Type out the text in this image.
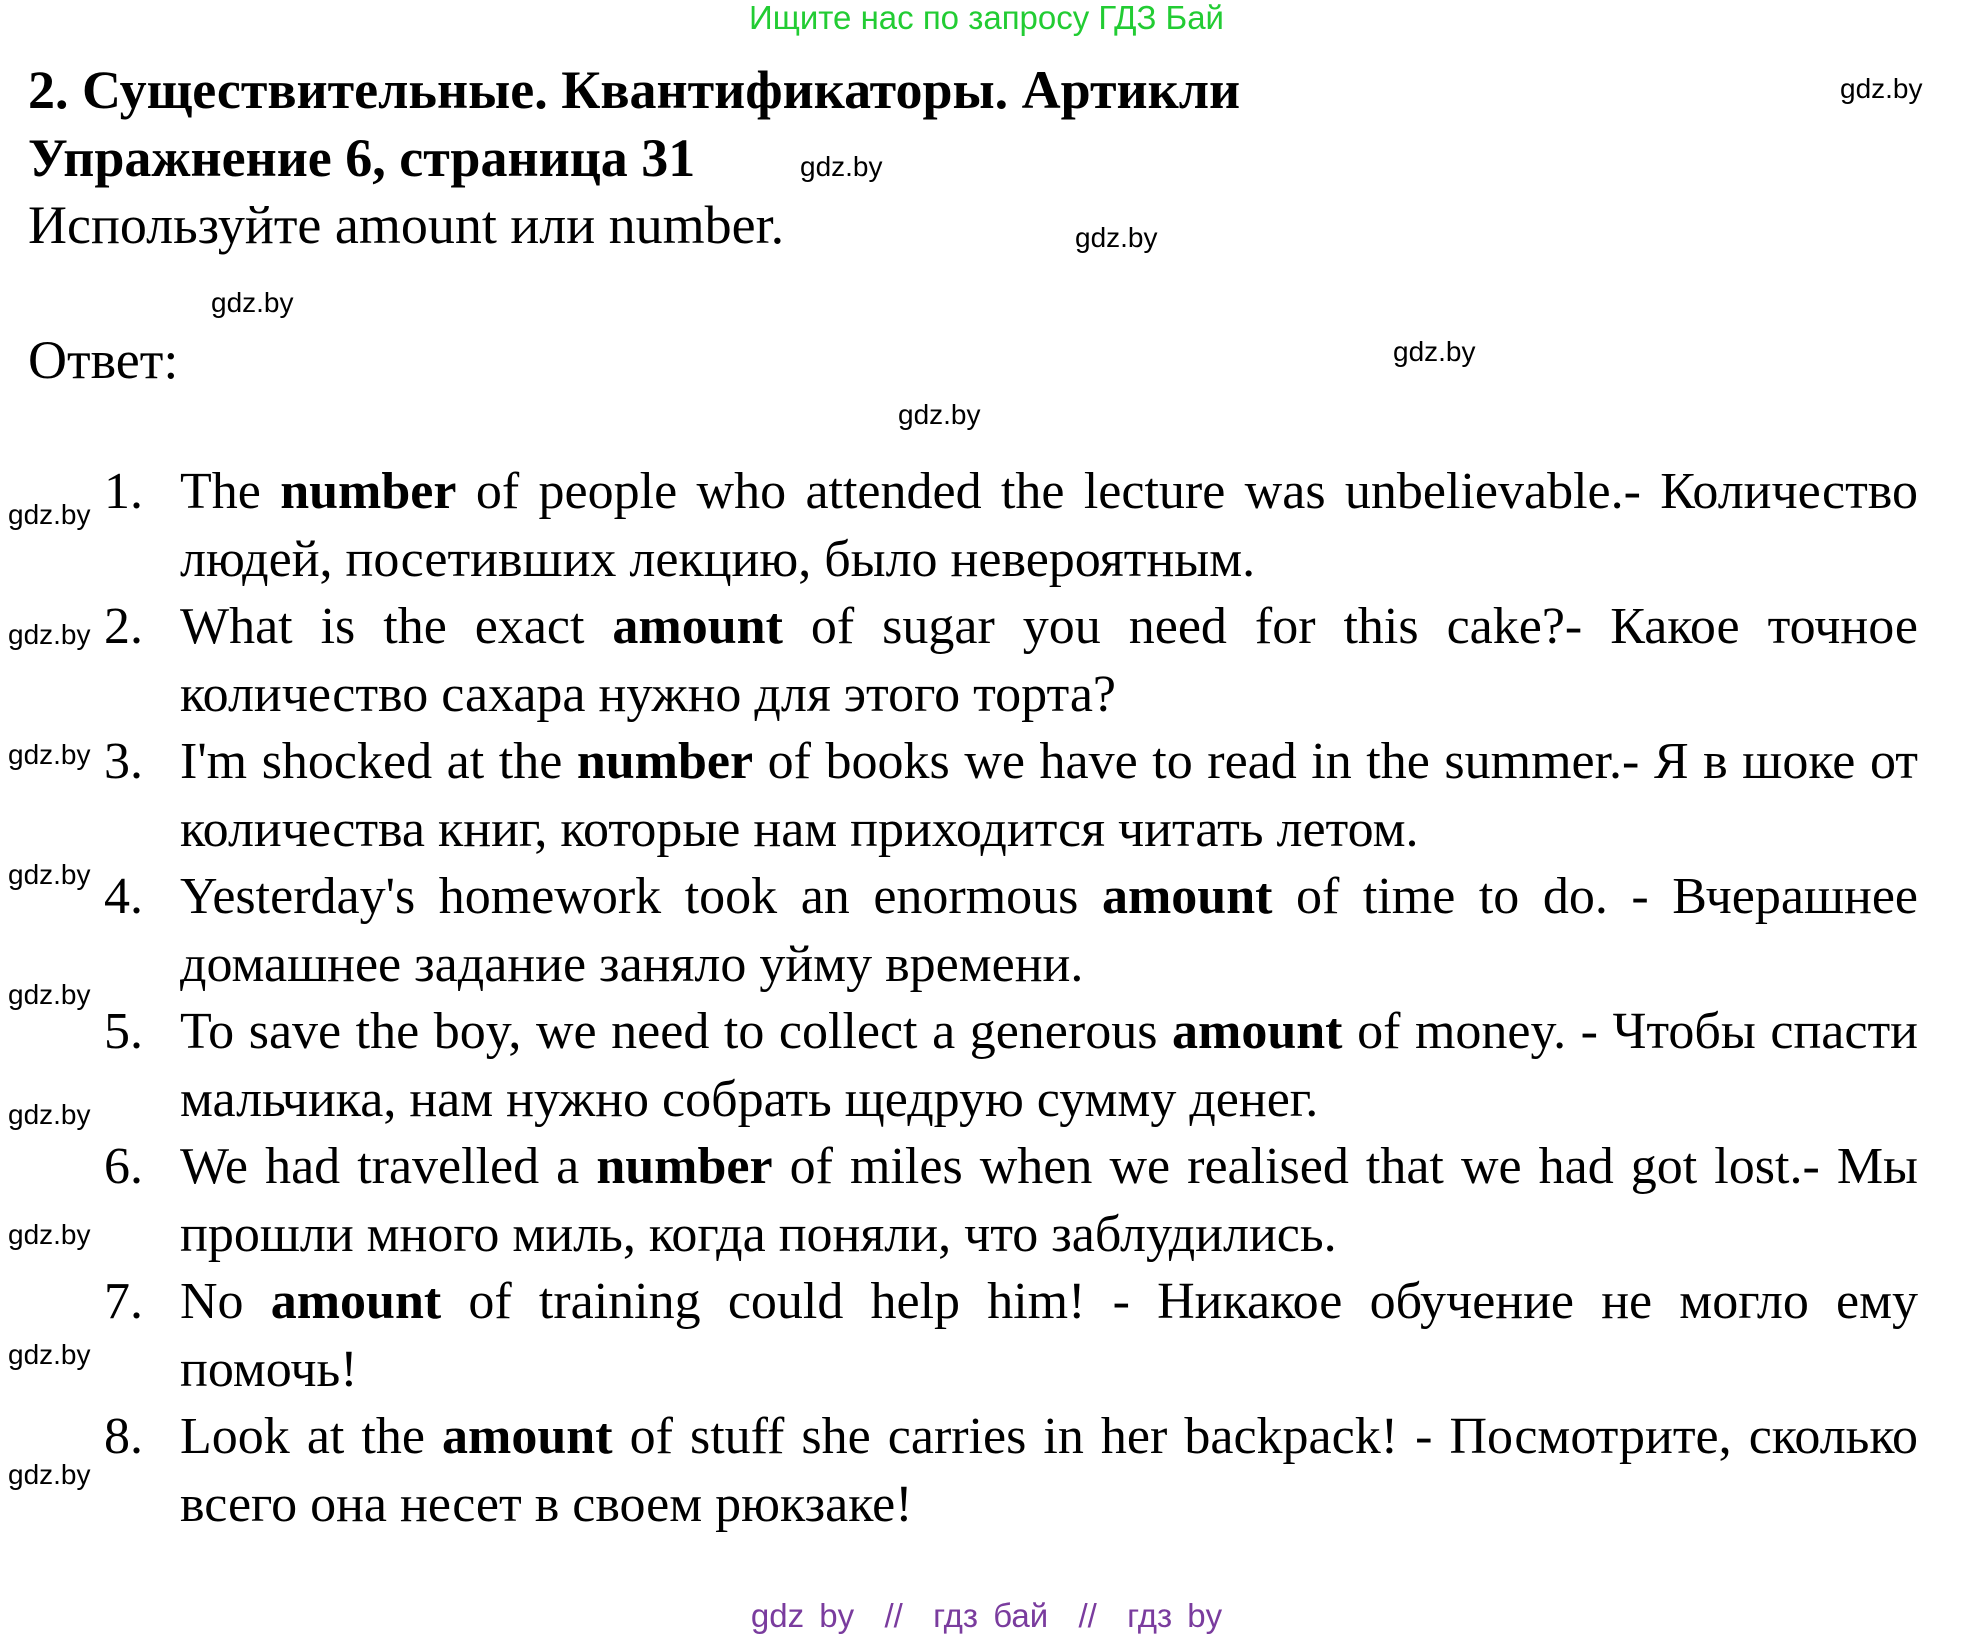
Ищите нас по запросу ГДЗ Бай
2. Существительные. Квантификаторы. Артикли
Упражнение 6, страница 31
Используйте amount или number.
Ответ:
1. The number of people who attended the lecture was unbelievable.- Количество людей, посетивших лекцию, было невероятным.
2. What is the exact amount of sugar you need for this cake?- Какое точное количество сахара нужно для этого торта?
3. I'm shocked at the number of books we have to read in the summer.- Я в шоке от количества книг, которые нам приходится читать летом.
4. Yesterday's homework took an enormous amount of time to do. - Вчерашнее домашнее задание заняло уйму времени.
5. To save the boy, we need to collect a generous amount of money. - Чтобы спасти мальчика, нам нужно собрать щедрую сумму денег.
6. We had travelled a number of miles when we realised that we had got lost.- Мы прошли много миль, когда поняли, что заблудились.
7. No amount of training could help him! - Никакое обучение не могло ему помочь!
8. Look at the amount of stuff she carries in her backpack! - Посмотрите, сколько всего она несет в своем рюкзаке!
gdz by  //  гдз бай  //  гдз by
gdz.by
gdz.by
gdz.by
gdz.by
gdz.by
gdz.by
gdz.by
gdz.by
gdz.by
gdz.by
gdz.by
gdz.by
gdz.by
gdz.by
gdz.by
